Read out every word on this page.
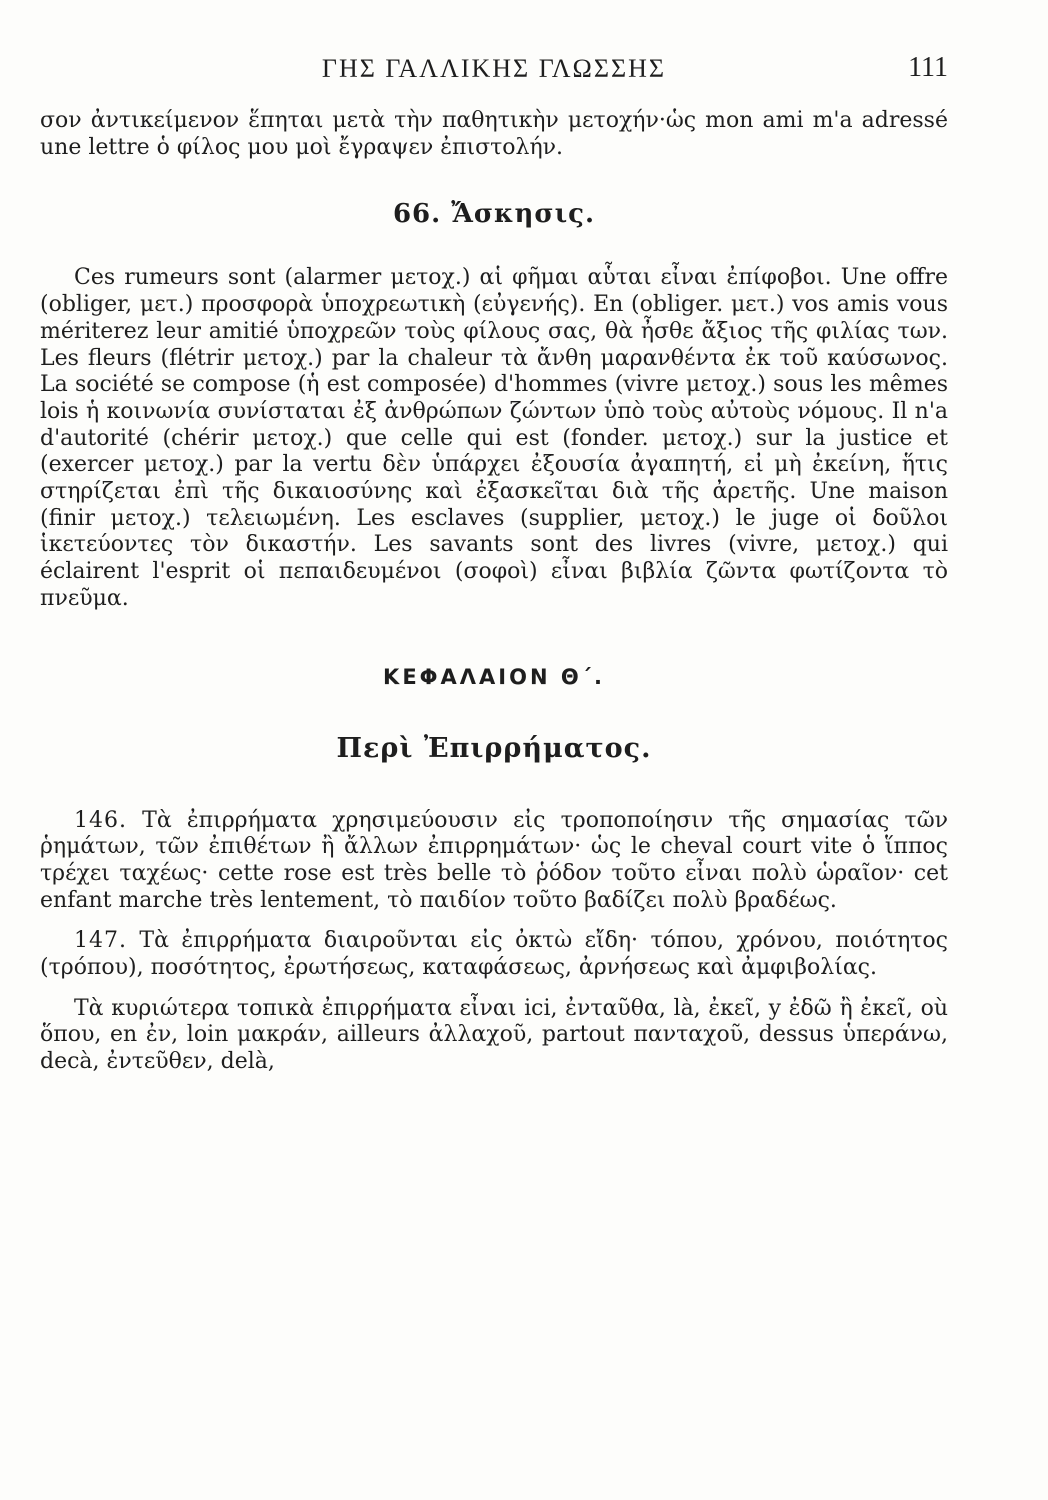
ΓΗΣ ΓΑΛΛΙΚΗΣ ΓΛΩΣΣΗΣ	111

σον ἀντικείμενον ἕπηται μετὰ τὴν παθητικὴν μετοχήν·ὡς mon ami m'a adressé une lettre ὁ φίλος μου μοὶ ἔγραψεν ἐπιστολήν.

66. Ἄσκησις.

Ces rumeurs sont (alarmer μετοχ.) αἱ φῆμαι αὗται εἶναι ἐπίφοβοι. Une offre (obliger, μετ.) προσφορὰ ὑποχρεωτικὴ (εὐγενής). En (obliger. μετ.) vos amis vous mériterez leur amitié ὑποχρεῶν τοὺς φίλους σας, θὰ ἦσθε ἄξιος τῆς φιλίας των. Les fleurs (flétrir μετοχ.) par la chaleur τὰ ἄνθη μαρανθέντα ἐκ τοῦ καύσωνος. La société se compose (ἡ est composée) d'hommes (vivre μετοχ.) sous les mêmes lois ἡ κοινωνία συνίσταται ἐξ ἀνθρώπων ζώντων ὑπὸ τοὺς αὐτοὺς νόμους. Il n'a d'autorité (chérir μετοχ.) que celle qui est (fonder. μετοχ.) sur la justice et (exercer μετοχ.) par la vertu δὲν ὑπάρχει ἐξουσία ἀγαπητή, εἰ μὴ ἐκείνη, ἥτις στηρίζεται ἐπὶ τῆς δικαιοσύνης καὶ ἐξασκεῖται διὰ τῆς ἀρετῆς. Une maison (finir μετοχ.) τελειωμένη. Les esclaves (supplier, μετοχ.) le juge οἱ δοῦλοι ἱκετεύοντες τὸν δικαστήν. Les savants sont des livres (vivre, μετοχ.) qui éclairent l'esprit οἱ πεπαιδευμένοι (σοφοὶ) εἶναι βιβλία ζῶντα φωτίζοντα τὸ πνεῦμα.

ΚΕΦΑΛΑΙΟΝ Θ΄.

Περὶ Ἐπιρρήματος.

146. Τὰ ἐπιρρήματα χρησιμεύουσιν εἰς τροποποίησιν τῆς σημασίας τῶν ῥημάτων, τῶν ἐπιθέτων ἢ ἄλλων ἐπιρρημάτων· ὡς le cheval court vite ὁ ἵππος τρέχει ταχέως· cette rose est très belle τὸ ῥόδον τοῦτο εἶναι πολὺ ὡραῖον· cet enfant marche très lentement, τὸ παιδίον τοῦτο βαδίζει πολὺ βραδέως.

147. Τὰ ἐπιρρήματα διαιροῦνται εἰς ὀκτὼ εἴδη· τόπου, χρόνου, ποιότητος (τρόπου), ποσότητος, ἐρωτήσεως, καταφάσεως, ἀρνήσεως καὶ ἀμφιβολίας.

Τὰ κυριώτερα τοπικὰ ἐπιρρήματα εἶναι ici, ἐνταῦθα, là, ἐκεῖ, y ἐδῶ ἢ ἐκεῖ, où ὅπου, en ἐν, loin μακράν, ailleurs ἀλλαχοῦ, partout πανταχοῦ, dessus ὑπεράνω, decà, ἐντεῦθεν, delà,
